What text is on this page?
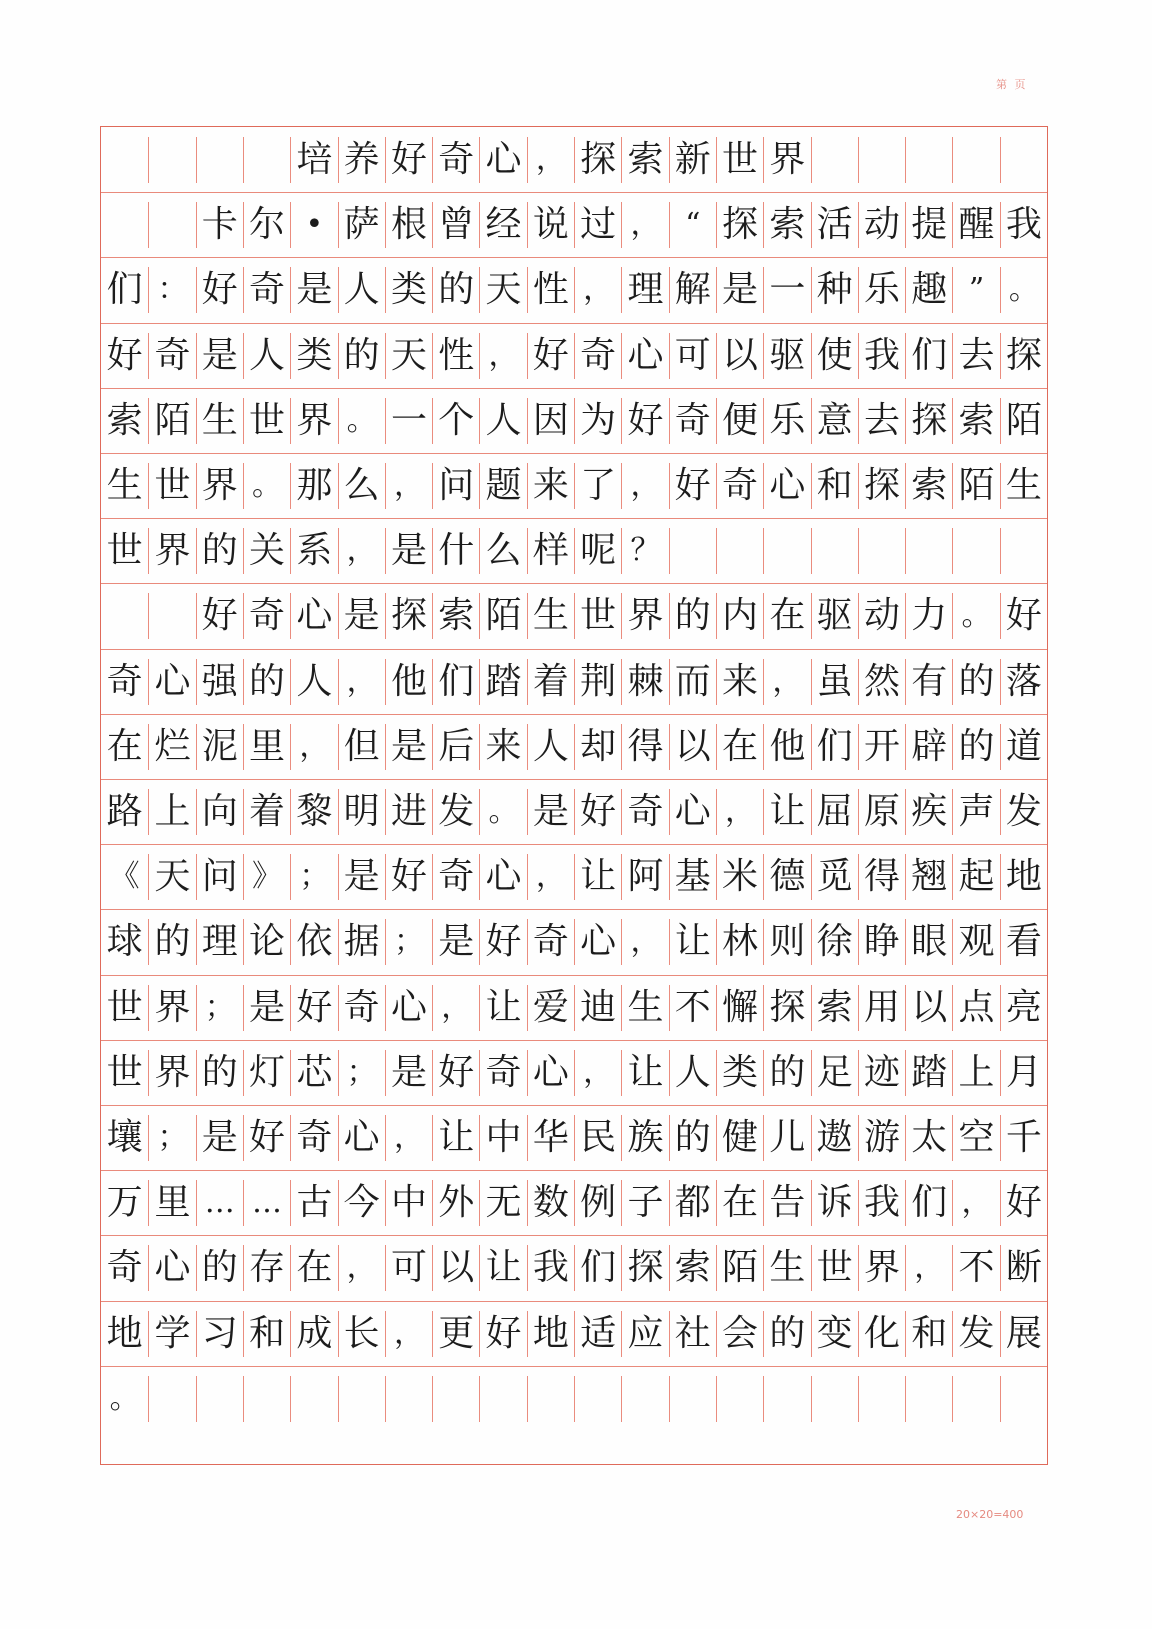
第 页
培 养 好 奇 心 ， 探 索 新 世 界
卡 尔 • 萨 根 曾 经 说 过 ， “ 探 索 活 动 提 醒 我
们 ： 好 奇 是 人 类 的 天 性 ， 理 解 是 一 种 乐 趣 ” 。
好 奇 是 人 类 的 天 性 ， 好 奇 心 可 以 驱 使 我 们 去 探
索 陌 生 世 界 。 一 个 人 因 为 好 奇 便 乐 意 去 探 索 陌
生 世 界 。 那 么 ， 问 题 来 了 ， 好 奇 心 和 探 索 陌 生
世 界 的 关 系 ， 是 什 么 样 呢 ？
好 奇 心 是 探 索 陌 生 世 界 的 内 在 驱 动 力 。 好
奇 心 强 的 人 ， 他 们 踏 着 荆 棘 而 来 ， 虽 然 有 的 落
在 烂 泥 里 ， 但 是 后 来 人 却 得 以 在 他 们 开 辟 的 道
路 上 向 着 黎 明 进 发 。 是 好 奇 心 ， 让 屈 原 疾 声 发
《 天 问 》 ； 是 好 奇 心 ， 让 阿 基 米 德 觅 得 翘 起 地
球 的 理 论 依 据 ； 是 好 奇 心 ， 让 林 则 徐 睁 眼 观 看
世 界 ； 是 好 奇 心 ， 让 爱 迪 生 不 懈 探 索 用 以 点 亮
世 界 的 灯 芯 ； 是 好 奇 心 ， 让 人 类 的 足 迹 踏 上 月
壤 ； 是 好 奇 心 ， 让 中 华 民 族 的 健 儿 遨 游 太 空 千
万 里 … … 古 今 中 外 无 数 例 子 都 在 告 诉 我 们 ， 好
奇 心 的 存 在 ， 可 以 让 我 们 探 索 陌 生 世 界 ， 不 断
地 学 习 和 成 长 ， 更 好 地 适 应 社 会 的 变 化 和 发 展
。
20×20=400
